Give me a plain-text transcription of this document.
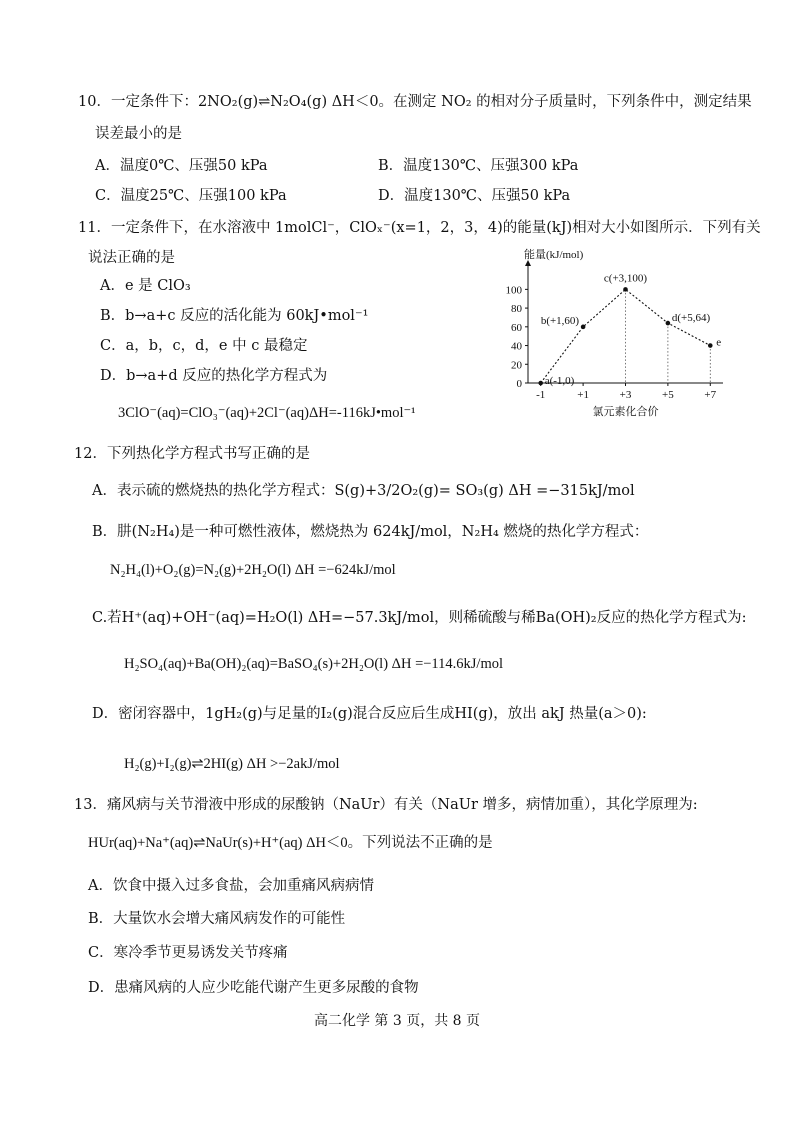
10．一定条件下：2NO₂(g)⇌N₂O₄(g) ΔH＜0。在测定 NO₂ 的相对分子质量时，下列条件中，测定结果
误差最小的是
A．温度0℃、压强50 kPa	B．温度130℃、压强300 kPa
C．温度25℃、压强100 kPa	D．温度130℃、压强50 kPa
11．一定条件下，在水溶液中 1molCl⁻，ClOₓ⁻(x=1，2，3，4)的能量(kJ)相对大小如图所示．下列有关
说法正确的是
A．e 是 ClO₃
B．b→a+c 反应的活化能为 60kJ•mol⁻¹
C．a，b，c，d，e 中 c 最稳定
D．b→a+d 反应的热化学方程式为
3ClO⁻(aq)=ClO₃⁻(aq)+2Cl⁻(aq)ΔH=-116kJ•mol⁻¹
能量(kJ/mol)
0
20
40
60
80
100
-1	+1	+3	+5	+7
氯元素化合价
a(-1,0)
b(+1,60)
c(+3,100)
d(+5,64)
e
12．下列热化学方程式书写正确的是
A．表示硫的燃烧热的热化学方程式：S(g)+3/2O₂(g)= SO₃(g) ΔH =−315kJ/mol
B．肼(N₂H₄)是一种可燃性液体，燃烧热为 624kJ/mol，N₂H₄ 燃烧的热化学方程式：
N₂H₄(l)+O₂(g)=N₂(g)+2H₂O(l) ΔH =−624kJ/mol
C.若H⁺(aq)+OH⁻(aq)=H₂O(l) ΔH=−57.3kJ/mol，则稀硫酸与稀Ba(OH)₂反应的热化学方程式为:
H₂SO₄(aq)+Ba(OH)₂(aq)=BaSO₄(s)+2H₂O(l) ΔH =−114.6kJ/mol
D．密闭容器中，1gH₂(g)与足量的I₂(g)混合反应后生成HI(g)，放出 akJ 热量(a＞0):
H₂(g)+I₂(g)⇌2HI(g) ΔH >−2akJ/mol
13．痛风病与关节滑液中形成的尿酸钠（NaUr）有关（NaUr 增多，病情加重），其化学原理为:
HUr(aq)+Na⁺(aq)⇌NaUr(s)+H⁺(aq) ΔH＜0。下列说法不正确的是
A．饮食中摄入过多食盐，会加重痛风病病情
B．大量饮水会增大痛风病发作的可能性
C．寒冷季节更易诱发关节疼痛
D．患痛风病的人应少吃能代谢产生更多尿酸的食物
高二化学 第 3 页，共 8 页
